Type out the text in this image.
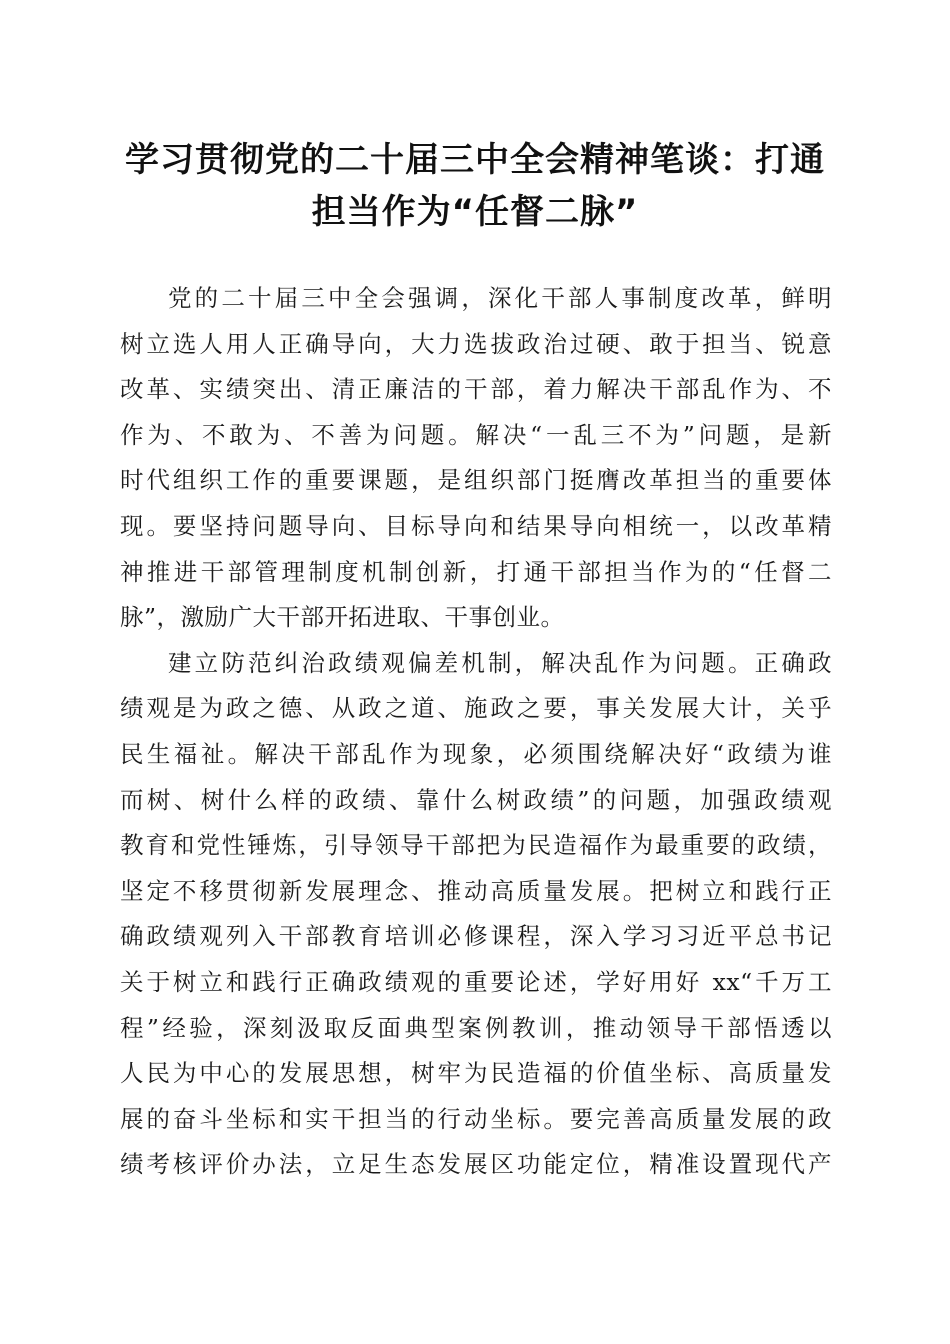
学习贯彻党的二十届三中全会精神笔谈：打通
担当作为“任督二脉”
党的二十届三中全会强调，深化干部人事制度改革，鲜明
树立选人用人正确导向，大力选拔政治过硬、敢于担当、锐意
改革、实绩突出、清正廉洁的干部，着力解决干部乱作为、不
作为、不敢为、不善为问题。解决“一乱三不为”问题，是新
时代组织工作的重要课题，是组织部门挺膺改革担当的重要体
现。要坚持问题导向、目标导向和结果导向相统一，以改革精
神推进干部管理制度机制创新，打通干部担当作为的“任督二
脉”，激励广大干部开拓进取、干事创业。
建立防范纠治政绩观偏差机制，解决乱作为问题。正确政
绩观是为政之德、从政之道、施政之要，事关发展大计，关乎
民生福祉。解决干部乱作为现象，必须围绕解决好“政绩为谁
而树、树什么样的政绩、靠什么树政绩”的问题，加强政绩观
教育和党性锤炼，引导领导干部把为民造福作为最重要的政绩，
坚定不移贯彻新发展理念、推动高质量发展。把树立和践行正
确政绩观列入干部教育培训必修课程，深入学习习近平总书记
关于树立和践行正确政绩观的重要论述，学好用好 xx“千万工
程”经验，深刻汲取反面典型案例教训，推动领导干部悟透以
人民为中心的发展思想，树牢为民造福的价值坐标、高质量发
展的奋斗坐标和实干担当的行动坐标。要完善高质量发展的政
绩考核评价办法，立足生态发展区功能定位，精准设置现代产
